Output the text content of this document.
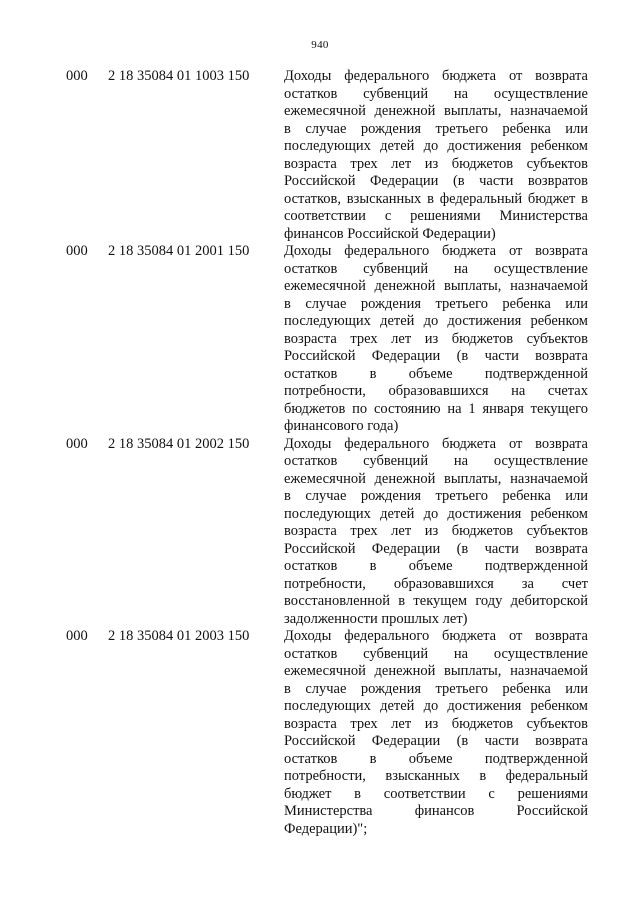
940
000 2 18 35084 01 1003 150 Доходы федерального бюджета от возврата
остатков субвенций на осуществление
ежемесячной денежной выплаты, назначаемой
в случае рождения третьего ребенка или
последующих детей до достижения ребенком
возраста трех лет из бюджетов субъектов
Российской Федерации (в части возвратов
остатков, взысканных в федеральный бюджет в
соответствии с решениями Министерства
финансов Российской Федерации)
000 2 18 35084 01 2001 150 Доходы федерального бюджета от возврата
остатков субвенций на осуществление
ежемесячной денежной выплаты, назначаемой
в случае рождения третьего ребенка или
последующих детей до достижения ребенком
возраста трех лет из бюджетов субъектов
Российской Федерации (в части возврата
остатков в объеме подтвержденной
потребности, образовавшихся на счетах
бюджетов по состоянию на 1 января текущего
финансового года)
000 2 18 35084 01 2002 150 Доходы федерального бюджета от возврата
остатков субвенций на осуществление
ежемесячной денежной выплаты, назначаемой
в случае рождения третьего ребенка или
последующих детей до достижения ребенком
возраста трех лет из бюджетов субъектов
Российской Федерации (в части возврата
остатков в объеме подтвержденной
потребности, образовавшихся за счет
восстановленной в текущем году дебиторской
задолженности прошлых лет)
000 2 18 35084 01 2003 150 Доходы федерального бюджета от возврата
остатков субвенций на осуществление
ежемесячной денежной выплаты, назначаемой
в случае рождения третьего ребенка или
последующих детей до достижения ребенком
возраста трех лет из бюджетов субъектов
Российской Федерации (в части возврата
остатков в объеме подтвержденной
потребности, взысканных в федеральный
бюджет в соответствии с решениями
Министерства финансов Российской
Федерации)";
